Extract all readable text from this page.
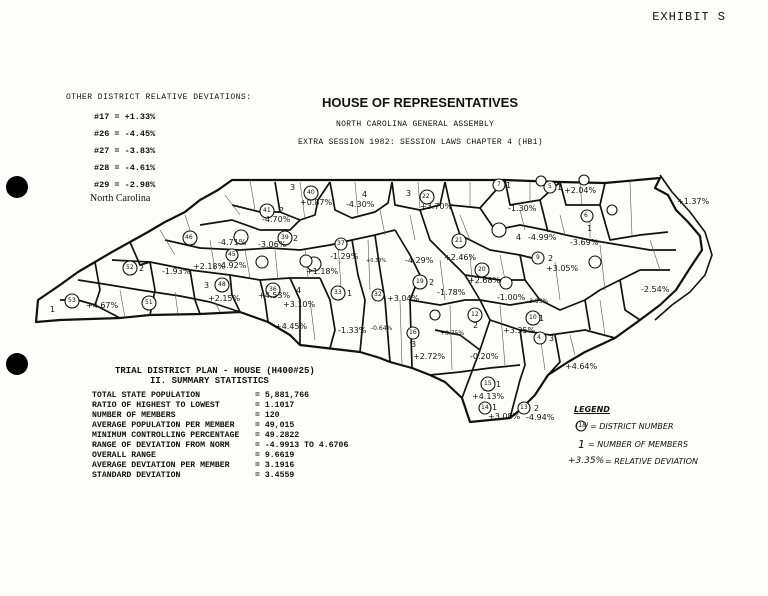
EXHIBIT S
OTHER DISTRICT RELATIVE DEVIATIONS:
#17 = +1.33%
#26 = -4.45%
#27 = -3.83%
#28 = -4.61%
#29 = -2.98%
North Carolina
HOUSE OF REPRESENTATIVES
NORTH CAROLINA GENERAL ASSEMBLY
EXTRA SESSION 1982: SESSION LAWS CHAPTER 4 (HB1)
40
3
+0.87%
4
-4.30%
22
3
+3.70%
7 1
-1.30%
5 1 +2.04%
+1.37%
41 2
-4.70%
-4.71%
39 2
-3.06%	37
-1.29%	-4.29%
21
+2.46%
4 -4.99%
6
1
-3.69%
46
-1.93%
+2.18%
45
-4.92%
+1.18%
+0.30%
20
+2.68%
9 2
+3.05%
-2.54%
52 2
48
3
+2.15% +4.53%
36 4
+3.10%
33 1
+3.04%
19 2
-1.78%
-1.00% -3.93%
53
1	+4.67%	51
+4.45%	-1.33%
32
-0.64%
+0.75%
12
2
10 1
+3.35%
4 3
16
3
+2.72%	-0.20%
+4.64%
15 1
+4.13%
14 1
+3.08%
13 2
-4.94%
TRIAL DISTRICT PLAN - HOUSE (H400#25)
II. SUMMARY STATISTICS
TOTAL STATE POPULATION	= 5,881,766
RATIO OF HIGHEST TO LOWEST	= 1.1017
NUMBER OF MEMBERS	= 120
AVERAGE POPULATION PER MEMBER	= 49,015
MINIMUM CONTROLLING PERCENTAGE = 49.2822
RANGE OF DEVIATION FROM NORM	= -4.9913 TO 4.6706
OVERALL RANGE	= 9.6619
AVERAGE DEVIATION PER MEMBER	= 3.1916
STANDARD DEVIATION	= 3.4559
LEGEND
(18) = DISTRICT NUMBER
1 = NUMBER OF MEMBERS
+3.35% = RELATIVE DEVIATION
